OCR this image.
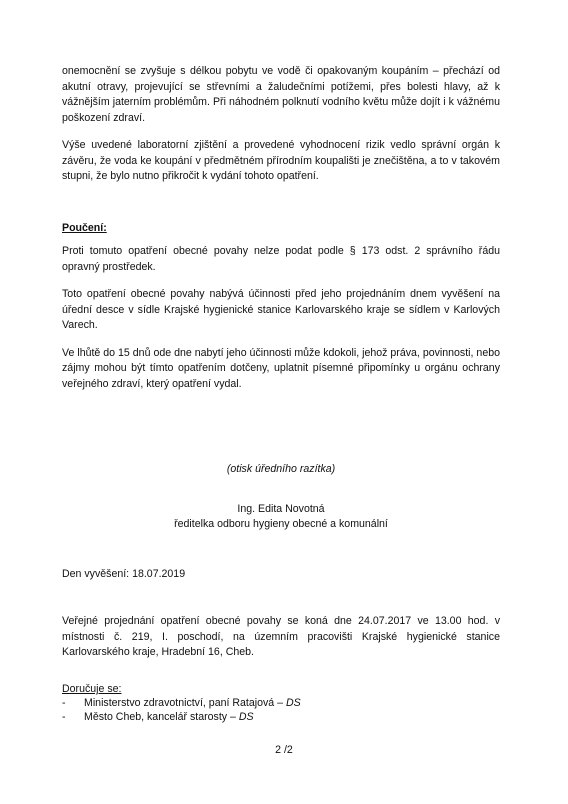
onemocnění se zvyšuje s délkou pobytu ve vodě či opakovaným koupáním – přechází od akutní otravy, projevující se střevními a žaludečními potížemi, přes bolesti hlavy, až k vážnějším jaterním problémům. Při náhodném polknutí vodního květu může dojít i k vážnému poškození zdraví.

Výše uvedené laboratorní zjištění a provedené vyhodnocení rizik vedlo správní orgán k závěru, že voda ke koupání v předmětném přírodním koupališti je znečištěna, a to v takovém stupni, že bylo nutno přikročit k vydání tohoto opatření.

Poučení:

Proti tomuto opatření obecné povahy nelze podat podle § 173 odst. 2 správního řádu opravný prostředek.

Toto opatření obecné povahy nabývá účinnosti před jeho projednáním dnem vyvěšení na úřední desce v sídle Krajské hygienické stanice Karlovarského kraje se sídlem v Karlových Varech.

Ve lhůtě do 15 dnů ode dne nabytí jeho účinnosti může kdokoli, jehož práva, povinnosti, nebo zájmy mohou být tímto opatřením dotčeny, uplatnit písemné připomínky u orgánu ochrany veřejného zdraví, který opatření vydal.

(otisk úředního razítka)
Ing. Edita Novotná
ředitelka odboru hygieny obecné a komunální
Den vyvěšení: 18.07.2019
Veřejné projednání opatření obecné povahy se koná dne 24.07.2017 ve 13.00 hod. v místnosti č. 219, I. poschodí, na územním pracovišti Krajské hygienické stanice Karlovarského kraje, Hradební 16, Cheb.
Doručuje se:
-	Ministerstvo zdravotnictví, paní Ratajová – DS
-	Město Cheb, kancelář starosty – DS
2 /2
